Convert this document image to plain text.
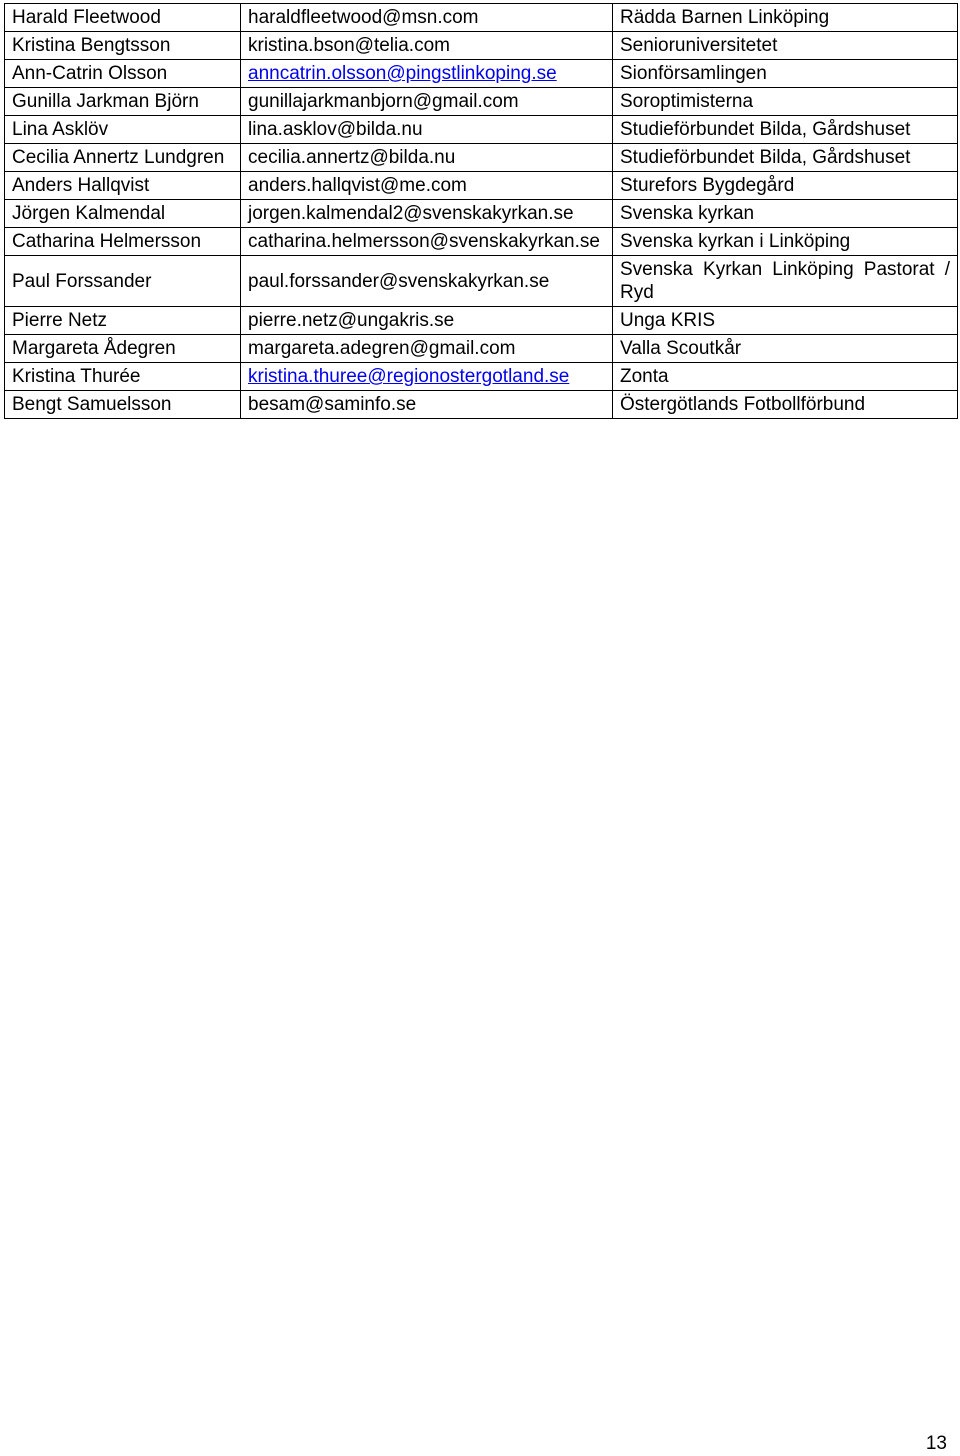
Harald Fleetwood	haraldfleetwood@msn.com	Rädda Barnen Linköping
Kristina Bengtsson	kristina.bson@telia.com	Senioruniversitetet
Ann-Catrin Olsson	anncatrin.olsson@pingstlinkoping.se	Sionförsamlingen
Gunilla Jarkman Björn	gunillajarkmanbjorn@gmail.com	Soroptimisterna
Lina Asklöv	lina.asklov@bilda.nu	Studieförbundet Bilda, Gårdshuset
Cecilia Annertz Lundgren	cecilia.annertz@bilda.nu	Studieförbundet Bilda, Gårdshuset
Anders Hallqvist	anders.hallqvist@me.com	Sturefors Bygdegård
Jörgen Kalmendal	jorgen.kalmendal2@svenskakyrkan.se	Svenska kyrkan
Catharina Helmersson	catharina.helmersson@svenskakyrkan.se	Svenska kyrkan i Linköping
Paul Forssander	paul.forssander@svenskakyrkan.se	Svenska Kyrkan Linköping Pastorat / Ryd
Pierre Netz	pierre.netz@ungakris.se	Unga KRIS
Margareta Ådegren	margareta.adegren@gmail.com	Valla Scoutkår
Kristina Thurée	kristina.thuree@regionostergotland.se	Zonta
Bengt Samuelsson	besam@saminfo.se	Östergötlands Fotbollförbund
13
